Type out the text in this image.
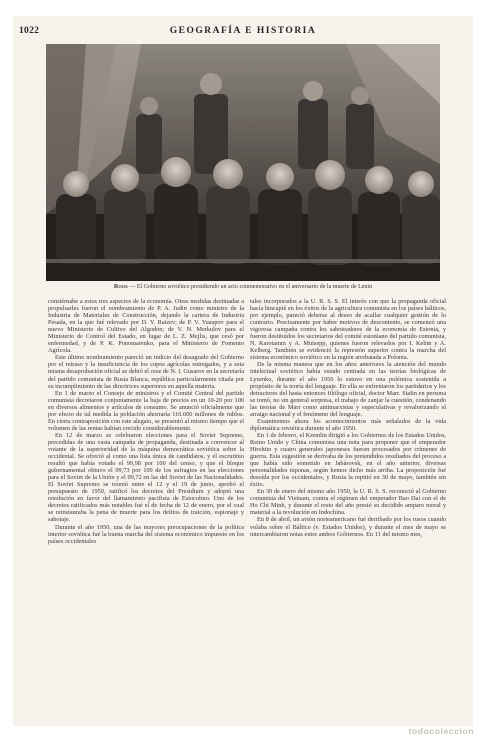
1022	GEOGRAFÍA E HISTORIA
Rusia — El Gobierno soviético presidiendo un acto conmemorativo en el aniversario de la muerte de Lenin

consiérnabe a estos tres aspectos de la economía. Otras medidas destinadas a propulsarles fueron el nombramiento de P. A. Judin como ministro de la Industria de Materiales de Construcción, dejando la cartera de Industria Pesada, en la que fué relevado por D. Y. Raizev; de P. V. Yusupov para el nuevo Ministerio de Cultivo del Algodón; de V. N. Merkulov para el Ministerio de Control del Estado, en lugar de L. Z. Mejlis, que cesó por enfermedad, y de P. K. Ponomarenko, para el Ministerio de Fomento Agrícola.

Este último nombramiento pareció un indicio del desagrado del Gobierno por el retraso y la insuficiencia de los cupos agrícolas entregados, y a esta misma desaprobación oficial se debió el cese de N. I. Gusarov en la secretaría del partido comunista de Rusia Blanca, república particularmente citada por su incumplimiento de las directrices superiores en aquella materia.

En 1 de marzo el Consejo de ministros y el Comité Central del partido comunista decretaron conjuntamente la baja de precios en un 10-20 por 100 en diversos alimentos y artículos de consumo. Se anunció oficialmente que por efecto de tal medida la población ahorraría 110.000 millones de rublos. En cierta contraposición con este alegato, se presentó al mismo tiempo que el volumen de las rentas habían crecido considerablemente.

En 12 de marzo se celebraron elecciones para el Soviet Supremo, precedidas de una vasta campaña de propaganda, destinada a convencer al votante de la superioridad de la máquina democrática soviética sobre la occidental. Se ofreció al como una lista única de candidatos, y el escrutinio resultó que había votado el 99,98 por 100 del censo, y que el bloque gubernamental obtuvo el 99,73 por 100 de los sufragios en las elecciones para el Soviet de la Unión y el 99,72 en las del Soviet de las Nacionalidades. El Soviet Supremo se reunió entre el 12 y el 19 de junio, aprobó el presupuesto de 1950, ratificó los decretos del Presidium y adoptó una resolución en favor del llamamiento pacifista de Estocolmo. Uno de los decretos ratificados más notables fué el de fecha de 12 de enero, por el cual se reinstauraba la pena de muerte para los delitos de traición, espionaje y sabotaje.

Durante el año 1950, una de las mayores preocupaciones de la política interior soviética fué la buena marcha del sistema económico impuesto en los países occidentales

tales incorporados a la U. R. S. S. El interés con que la propaganda oficial hacía hincapié en los éxitos de la agricultura comunista en los países bálticos, por ejemplo, pareció deberse al deseo de acallar cualquier gestión de lo contrario. Precisamente por haber motivos de descontento, se comenzó una vigorosa campaña contra los saboteadores de la economía de Estonia, y fueron destituidos los secretarios del comité estoniano del partido comunista, N. Karotamm y A. Muisepp, quienes fueron relevados por I. Kebin y A. Kelberg. También se evidenció la represión superior contra la marcha del sistema económico soviético en la región arrebatada a Polonia.

De la misma manera que en los años anteriores la atención del mundo intelectual soviético había estado centrada en las teorías biológicas de Lysenko, durante el año 1950 lo estuvo en una polémica sostenida a propósito de la teoría del lenguaje. En ella se enfrentaron los partidarios y los detractores del hasta entonces filólogo oficial, doctor Marr. Stalin en persona se tomó, no sin general sorpresa, el trabajo de zanjar la cuestión, condenando las teorías de Marr como antimarxistas y especulativas y revalorizando el arraigo nacional y el fenómeno del lenguaje.

Examinemos ahora los acontecimientos más señalados de la vida diplomática soviética durante el año 1950.

En 1 de febrero, el Kremlin dirigió a los Gobiernos de los Estados Unidos, Reino Unido y China comunista una nota para proponer que el emperador Hirohito y cuatro generales japoneses fueran procesados por crímenes de guerra. Esta sugestión se derivaba de los pretendidos resultados del proceso a que había sido sometido en Jabárovsk, en el año anterior, diversas personalidades niponas, según hemos dicho más arriba. La proposición fué desoída por los occidentales, y Rusia la repitió en 30 de mayo, también sin éxito.

En 30 de enero del mismo año 1950, la U. R. S. S. reconoció al Gobierno comunista del Vietnam, contra el régimen del emperador Bao Dai con el de Ho Chi Minh, y durante el resto del año prestó su decidido amparo moral y material a la revolución en Indochina.

En 8 de abril, un avión norteamericano fué derribado por los rusos cuando volaba sobre el Báltico (v. Estados Unidos), y durante el mes de mayo se intercambiaron notas entre ambos Gobiernos. En 11 del mismo mes,

todocoleccion
